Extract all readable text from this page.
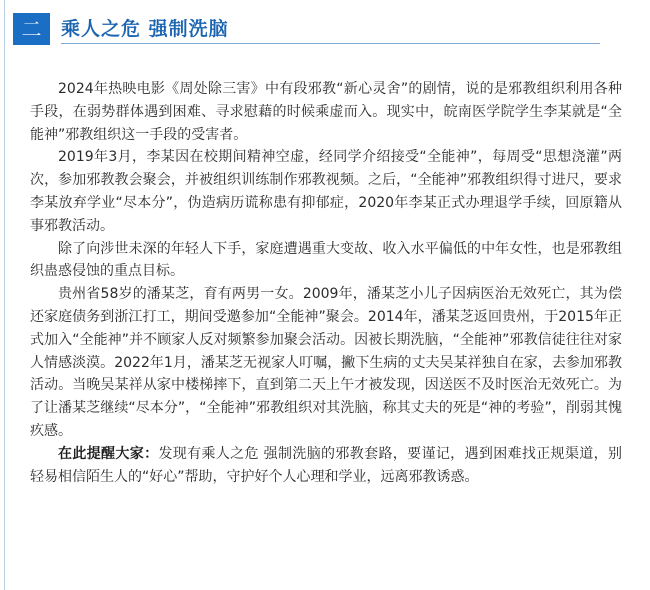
二	乘人之危 强制洗脑

2024年热映电影《周处除三害》中有段邪教“新心灵舍”的剧情，说的是邪教组织利用各种手段，在弱势群体遇到困难、寻求慰藉的时候乘虚而入。现实中，皖南医学院学生李某就是“全能神”邪教组织这一手段的受害者。

2019年3月，李某因在校期间精神空虚，经同学介绍接受“全能神”，每周受“思想浇灌”两次，参加邪教教会聚会，并被组织训练制作邪教视频。之后，“全能神”邪教组织得寸进尺，要求李某放弃学业“尽本分”，伪造病历谎称患有抑郁症，2020年李某正式办理退学手续，回原籍从事邪教活动。

除了向涉世未深的年轻人下手，家庭遭遇重大变故、收入水平偏低的中年女性，也是邪教组织蛊惑侵蚀的重点目标。

贵州省58岁的潘某芝，育有两男一女。2009年，潘某芝小儿子因病医治无效死亡，其为偿还家庭债务到浙江打工，期间受邀参加“全能神”聚会。2014年，潘某芝返回贵州，于2015年正式加入“全能神”并不顾家人反对频繁参加聚会活动。因被长期洗脑，“全能神”邪教信徒往往对家人情感淡漠。2022年1月，潘某芝无视家人叮嘱，撇下生病的丈夫吴某祥独自在家，去参加邪教活动。当晚吴某祥从家中楼梯摔下，直到第二天上午才被发现，因送医不及时医治无效死亡。为了让潘某芝继续“尽本分”，“全能神”邪教组织对其洗脑，称其丈夫的死是“神的考验”，削弱其愧疚感。

在此提醒大家：发现有乘人之危 强制洗脑的邪教套路，要谨记，遇到困难找正规渠道，别轻易相信陌生人的“好心”帮助，守护好个人心理和学业，远离邪教诱惑。
